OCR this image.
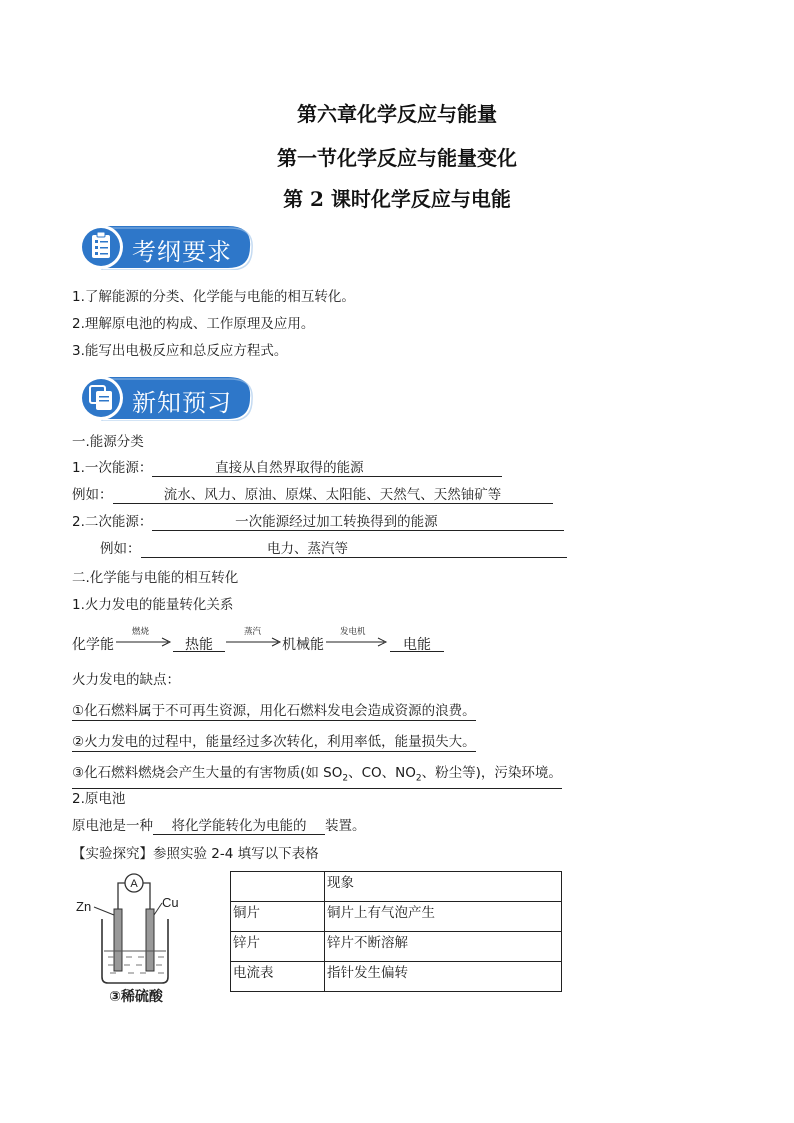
第六章化学反应与能量
第一节化学反应与能量变化
第 2 课时化学反应与电能
考纲要求
1.了解能源的分类、化学能与电能的相互转化。
2.理解原电池的构成、工作原理及应用。
3.能写出电极反应和总反应方程式。
新知预习
一.能源分类
1.一次能源：	直接从自然界取得的能源
例如：	流水、风力、原油、原煤、太阳能、天然气、天然铀矿等
2.二次能源：	一次能源经过加工转换得到的能源
例如：	电力、蒸汽等
二.化学能与电能的相互转化
1.火力发电的能量转化关系
化学能
燃烧
热能
蒸汽
机械能
发电机
电能
火力发电的缺点：
①化石燃料属于不可再生资源，用化石燃料发电会造成资源的浪费。
②火力发电的过程中，能量经过多次转化，利用率低，能量损失大。
③化石燃料燃烧会产生大量的有害物质(如 $SO_2$、CO、$NO_2$、粉尘等)，污染环境。
2.原电池
原电池是一种 将化学能转化为电能的 装置。
【实验探究】参照实验 2-4 填写以下表格
A
Zn	Cu
③稀硫酸
	现象
铜片	铜片上有气泡产生
锌片	锌片不断溶解
电流表	指针发生偏转
